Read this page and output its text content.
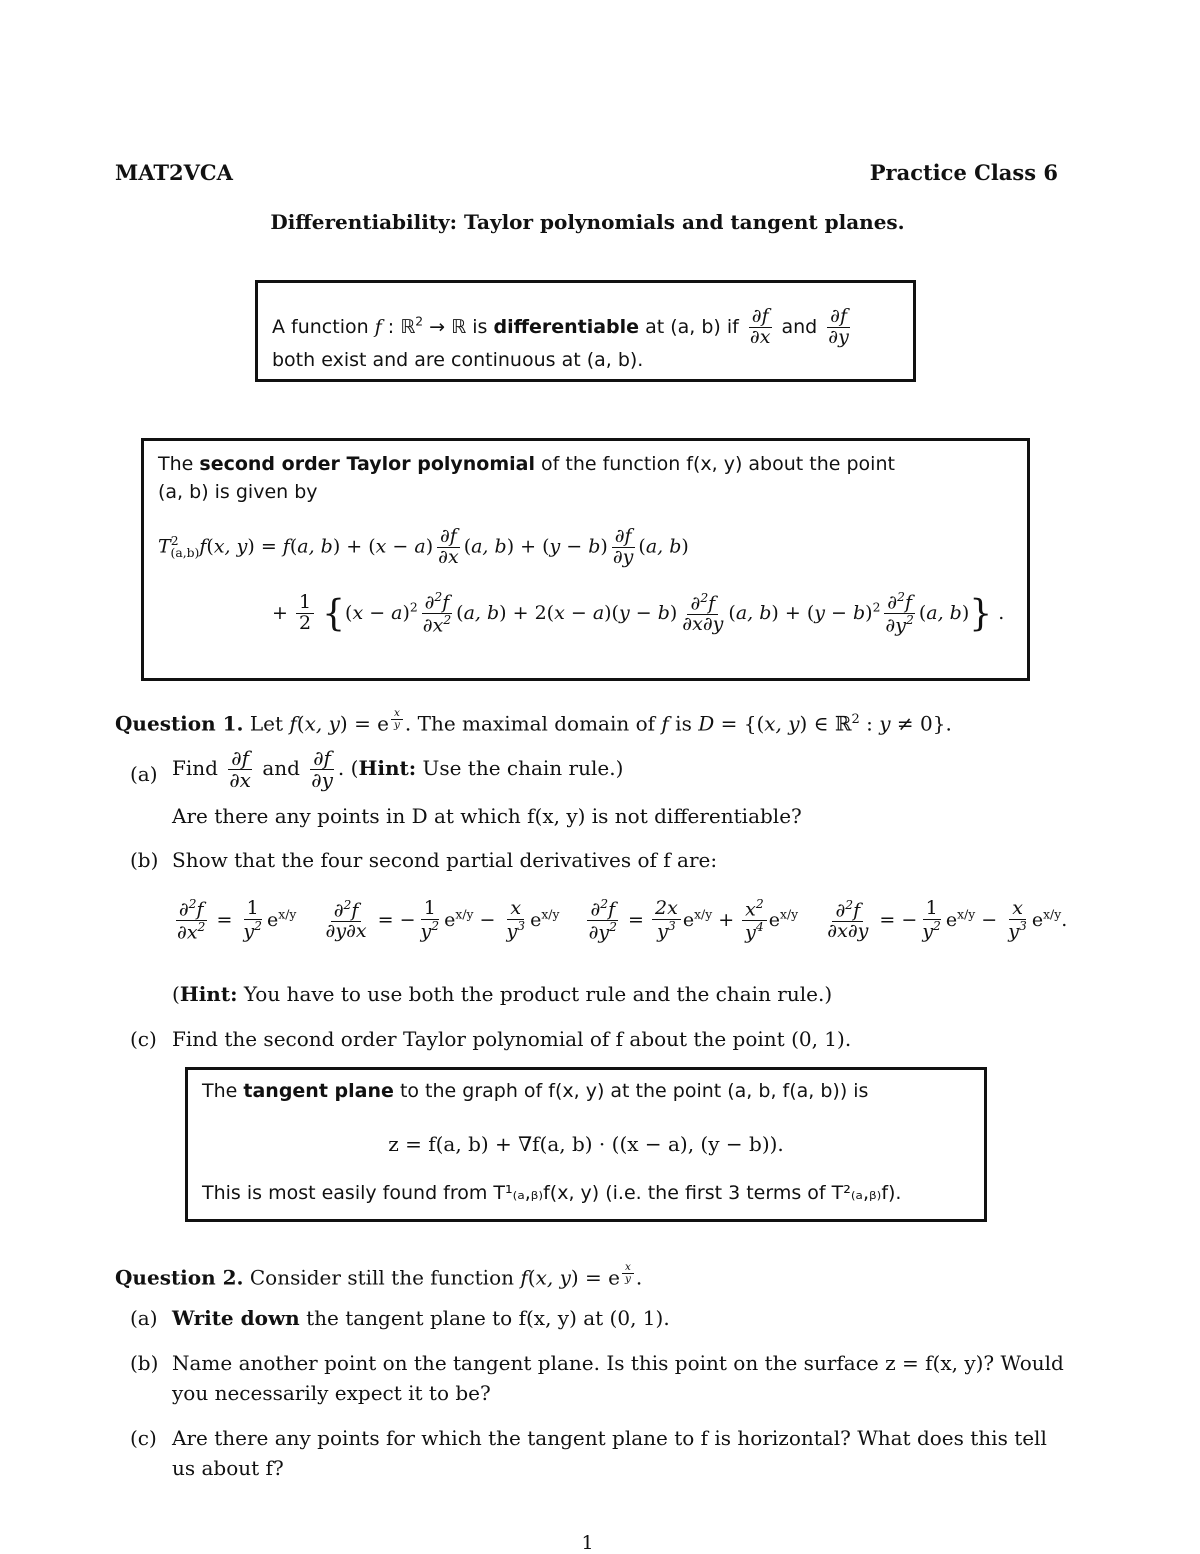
MAT2VCA	Practice Class 6
Differentiability: Taylor polynomials and tangent planes.
A function f : ℝ$^2$ → ℝ is differentiable at (a, b) if $\frac{\partial f}{\partial x}$ and $\frac{\partial f}{\partial y}$
both exist and are continuous at (a, b).
The second order Taylor polynomial of the function f(x, y) about the point
(a, b) is given by
$T^2_{(a,b)}f(x$, y) = f(a, $b) + (x - a) \frac{\partial f}{\partial x} (a$, $b) + (y - b) \frac{\partial f}{\partial y} (a$, b)
+ $\frac{1}{2} \{(x - a)^2 \frac{\partial^2f}{\partial x^2} (a$, $b) + 2(x - a)(y - b) \frac{\partial^2f}{\partial x\partial y} (a$, $b) + (y - b)^2 \frac{\partial^2f}{\partial y^2} (a$, b)} .
Question 1. Let f(x, y) = e $^{\frac{x}{y}}$ . The maximal domain of f is D = {(x, y) ∈ ℝ$^2$ : y ≠ 0}.
(a) Find $\frac{\partial f}{\partial x}$ and $\frac{\partial f}{\partial y}$ . (Hint: Use the chain rule.)
Are there any points in D at which f(x, y) is not differentiable?
(b) Show that the four second partial derivatives of f are:
$\frac{\partial^2f}{\partial x^2} = \frac{1}{y^2} e^{x/y} \frac{\partial^2f}{\partial y\partial x}$ = − $\frac{1}{y^2} e^{x/y} - \frac{x}{y^3} e^{x/y} \frac{\partial^2f}{\partial y^2} = \frac{2x}{y^3} e^{x/y} + \frac{x^2}{y^4} e^{x/y} \frac{\partial^2f}{\partial x\partial y}$ = − $\frac{1}{y^2} e^{x/y} - \frac{x}{y^3} e^{x/y}$.
(Hint: You have to use both the product rule and the chain rule.)
(c) Find the second order Taylor polynomial of f about the point (0, 1).
The tangent plane to the graph of f(x, y) at the point (a, b, f(a, b)) is
z = f(a, b) + ∇f(a, b) · ((x − a), (y − b)).
This is most easily found from T¹₍ₐ,ᵦ₎f(x, y) (i.e. the first 3 terms of T²₍ₐ,ᵦ₎f).
Question 2. Consider still the function f(x, y) = e $^{\frac{x}{y}}$ .
(a) Write down the tangent plane to f(x, y) at (0, 1).
(b) Name another point on the tangent plane. Is this point on the surface z = f(x, y)? Would
you necessarily expect it to be?
(c) Are there any points for which the tangent plane to f is horizontal? What does this tell
us about f?
1
